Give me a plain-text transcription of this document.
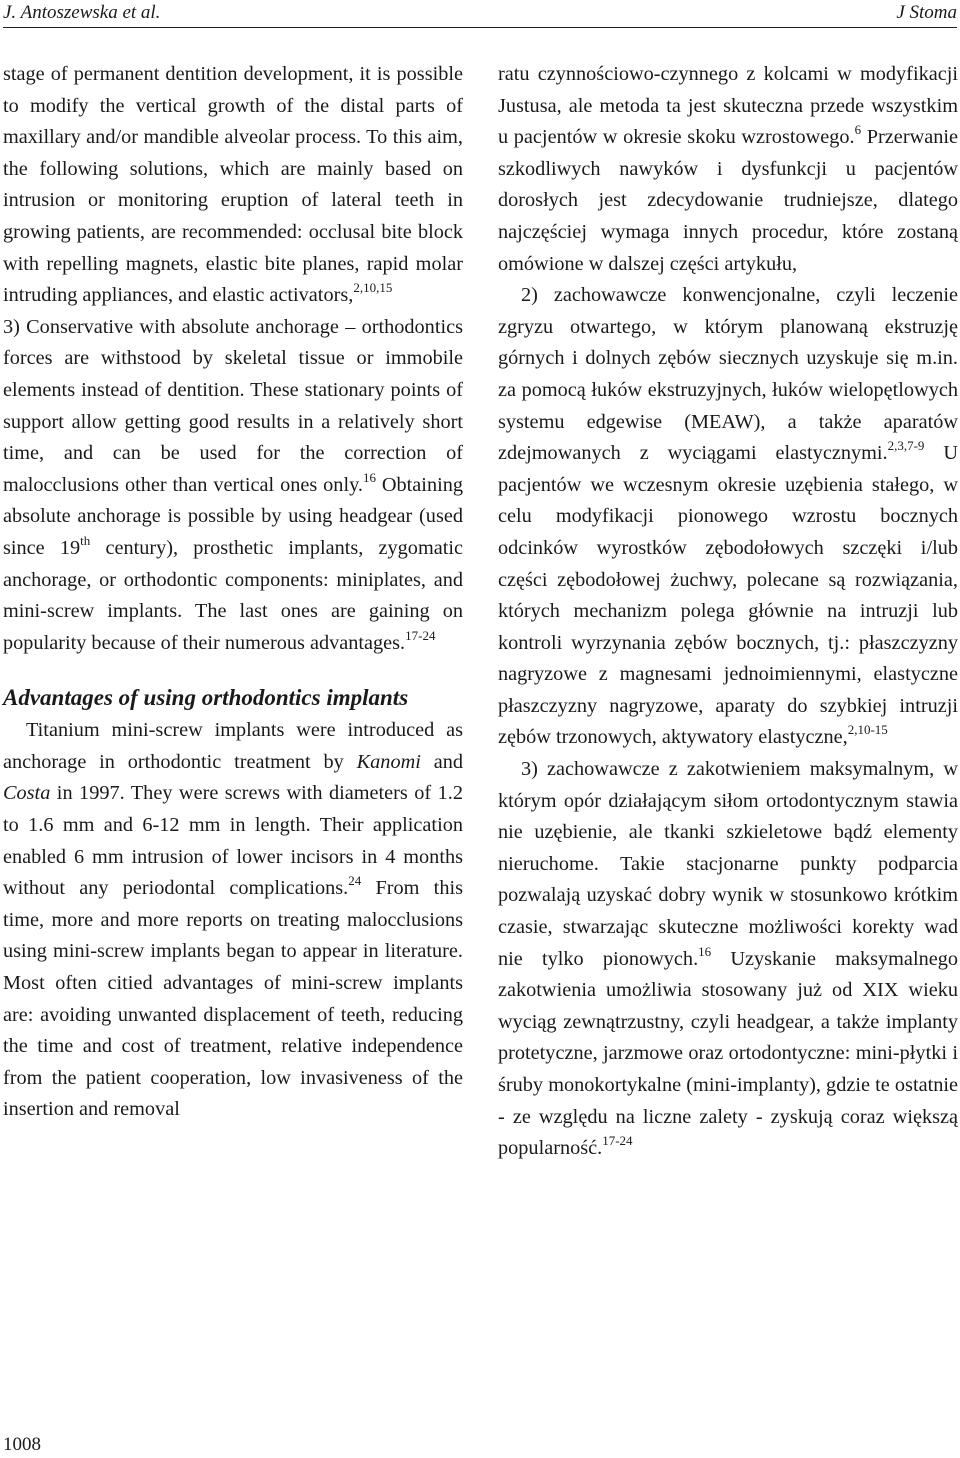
J. Antoszewska et al.	J Stoma

stage of permanent dentition development, it is possible to modify the vertical growth of the distal parts of maxillary and/or mandible alveolar process. To this aim, the following solutions, which are mainly based on intrusion or monitoring eruption of lateral teeth in growing patients, are recommended: occlusal bite block with repelling magnets, elastic bite planes, rapid molar intruding appliances, and elastic activators,$^{2,10,15}$

3) Conservative with absolute anchorage – orthodontics forces are withstood by skeletal tissue or immobile elements instead of dentition. These stationary points of support allow getting good results in a relatively short time, and can be used for the correction of malocclusions other than vertical ones only.$^{16}$ Obtaining absolute anchorage is possible by using headgear (used since 19th century), prosthetic implants, zygomatic anchorage, or orthodontic components: miniplates, and mini-screw implants. The last ones are gaining on popularity because of their numerous advantages.$^{17-24}$

Advantages of using orthodontics implants

Titanium mini-screw implants were introduced as anchorage in orthodontic treatment by Kanomi and Costa in 1997. They were screws with diameters of 1.2 to 1.6 mm and 6-12 mm in length. Their application enabled 6 mm intrusion of lower incisors in 4 months without any periodontal complications.$^{24}$ From this time, more and more reports on treating malocclusions using mini-screw implants began to appear in literature. Most often citied advantages of mini-screw implants are: avoiding unwanted displacement of teeth, reducing the time and cost of treatment, relative independence from the patient cooperation, low invasiveness of the insertion and removal

ratu czynnościowo-czynnego z kolcami w modyfikacji Justusa, ale metoda ta jest skuteczna przede wszystkim u pacjentów w okresie skoku wzrostowego.$^6$ Przerwanie szkodliwych nawyków i dysfunkcji u pacjentów dorosłych jest zdecydowanie trudniejsze, dlatego najczęściej wymaga innych procedur, które zostaną omówione w dalszej części artykułu,

2) zachowawcze konwencjonalne, czyli leczenie zgryzu otwartego, w którym planowaną ekstruzję górnych i dolnych zębów siecznych uzyskuje się m.in. za pomocą łuków ekstruzyjnych, łuków wielopętlowych systemu edgewise (MEAW), a także aparatów zdejmowanych z wyciągami elastycznymi.$^{2,3,7-9}$ U pacjentów we wczesnym okresie uzębienia stałego, w celu modyfikacji pionowego wzrostu bocznych odcinków wyrostków zębodołowych szczęki i/lub części zębodołowej żuchwy, polecane są rozwiązania, których mechanizm polega głównie na intruzji lub kontroli wyrzynania zębów bocznych, tj.: płaszczyzny nagryzowe z magnesami jednoimiennymi, elastyczne płaszczyzny nagryzowe, aparaty do szybkiej intruzji zębów trzonowych, aktywatory elastyczne,$^{2,10-15}$

3) zachowawcze z zakotwieniem maksymalnym, w którym opór działającym siłom ortodontycznym stawia nie uzębienie, ale tkanki szkieletowe bądź elementy nieruchome. Takie stacjonarne punkty podparcia pozwalają uzyskać dobry wynik w stosunkowo krótkim czasie, stwarzając skuteczne możliwości korekty wad nie tylko pionowych.$^{16}$ Uzyskanie maksymalnego zakotwienia umożliwia stosowany już od XIX wieku wyciąg zewnątrzustny, czyli headgear, a także implanty protetyczne, jarzmowe oraz ortodontyczne: mini-płytki i śruby monokortykalne (mini-implanty), gdzie te ostatnie - ze względu na liczne zalety - zyskują coraz większą popularność.$^{17-24}$

1008
